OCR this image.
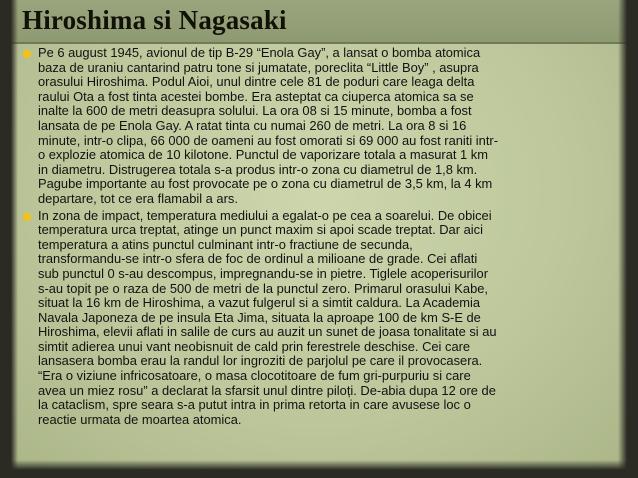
Hiroshima si Nagasaki
Pe 6 august 1945, avionul de tip B-29 “Enola Gay”, a lansat o bomba atomica
baza de uraniu cantarind patru tone si jumatate, poreclita “Little Boy” , asupra
orasului Hiroshima. Podul Aioi, unul dintre cele 81 de poduri care leaga delta
raului Ota a fost tinta acestei bombe. Era asteptat ca ciuperca atomica sa se
inalte la 600 de metri deasupra solului. La ora 08 si 15 minute, bomba a fost
lansata de pe Enola Gay. A ratat tinta cu numai 260 de metri. La ora 8 si 16
minute, intr-o clipa, 66 000 de oameni au fost omorati si 69 000 au fost raniti intr-
o explozie atomica de 10 kilotone. Punctul de vaporizare totala a masurat 1 km
in diametru. Distrugerea totala s-a produs intr-o zona cu diametrul de 1,8 km.
Pagube importante au fost provocate pe o zona cu diametrul de 3,5 km, la 4 km
departare, tot ce era flamabil a ars.
In zona de impact, temperatura mediului a egalat-o pe cea a soarelui. De obicei
temperatura urca treptat, atinge un punct maxim si apoi scade treptat. Dar aici
temperatura a atins punctul culminant intr-o fractiune de secunda,
transformandu-se intr-o sfera de foc de ordinul a milioane de grade. Cei aflati
sub punctul 0 s-au descompus, impregnandu-se in pietre. Tiglele acoperisurilor
s-au topit pe o raza de 500 de metri de la punctul zero. Primarul orasului Kabe,
situat la 16 km de Hiroshima, a vazut fulgerul si a simtit caldura. La Academia
Navala Japoneza de pe insula Eta Jima, situata la aproape 100 de km S-E de
Hiroshima, elevii aflati in salile de curs au auzit un sunet de joasa tonalitate si au
simtit adierea unui vant neobisnuit de cald prin ferestrele deschise. Cei care
lansasera bomba erau la randul lor ingroziti de parjolul pe care il provocasera.
“Era o viziune infricosatoare, o masa clocotitoare de fum gri-purpuriu si care
avea un miez rosu” a declarat la sfarsit unul dintre piloți. De-abia dupa 12 ore de
la cataclism, spre seara s-a putut intra in prima retorta in care avusese loc o
reactie urmata de moartea atomica.
